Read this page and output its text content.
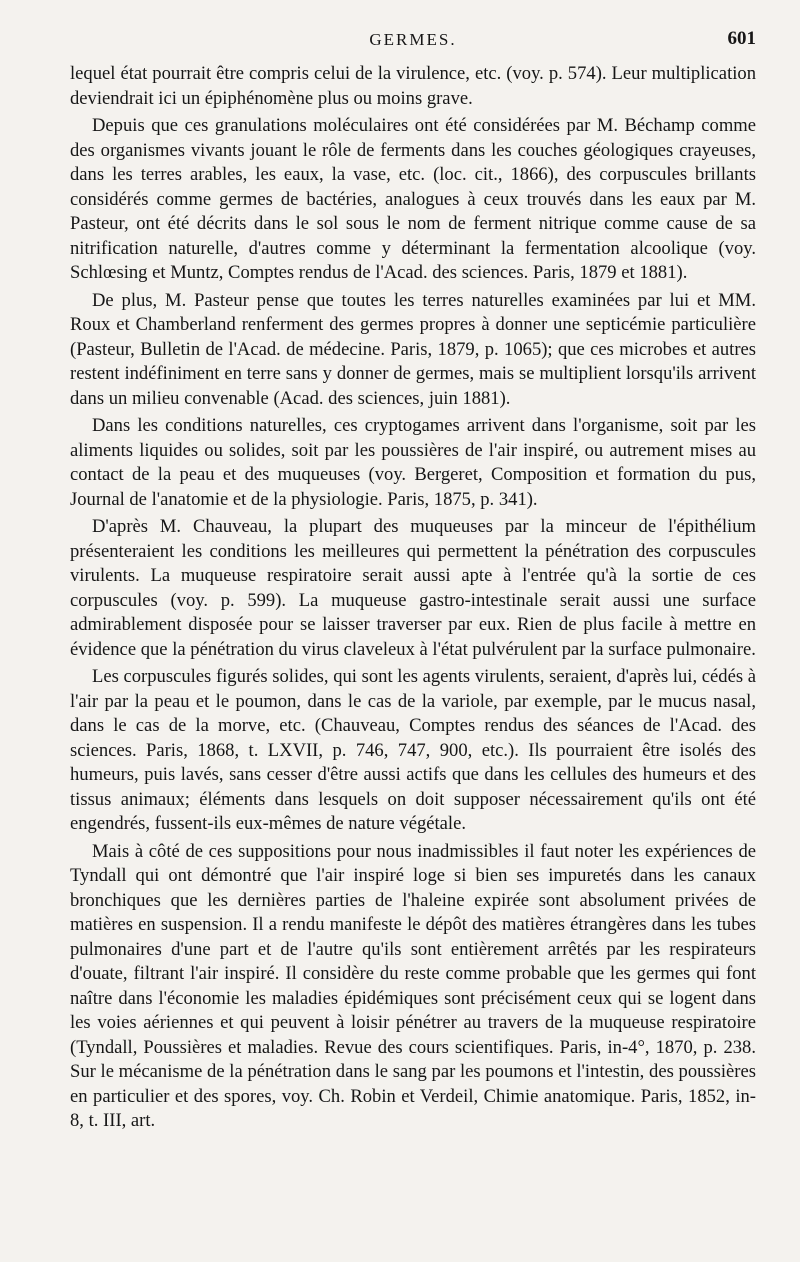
GERMES.	601

lequel état pourrait être compris celui de la virulence, etc. (voy. p. 574). Leur multiplication deviendrait ici un épiphénomène plus ou moins grave.

Depuis que ces granulations moléculaires ont été considérées par M. Béchamp comme des organismes vivants jouant le rôle de ferments dans les couches géologiques crayeuses, dans les terres arables, les eaux, la vase, etc. (loc. cit., 1866), des corpuscules brillants considérés comme germes de bactéries, analogues à ceux trouvés dans les eaux par M. Pasteur, ont été décrits dans le sol sous le nom de ferment nitrique comme cause de sa nitrification naturelle, d'autres comme y déterminant la fermentation alcoolique (voy. Schlœsing et Muntz, Comptes rendus de l'Acad. des sciences. Paris, 1879 et 1881).

De plus, M. Pasteur pense que toutes les terres naturelles examinées par lui et MM. Roux et Chamberland renferment des germes propres à donner une septicémie particulière (Pasteur, Bulletin de l'Acad. de médecine. Paris, 1879, p. 1065); que ces microbes et autres restent indéfiniment en terre sans y donner de germes, mais se multiplient lorsqu'ils arrivent dans un milieu convenable (Acad. des sciences, juin 1881).

Dans les conditions naturelles, ces cryptogames arrivent dans l'organisme, soit par les aliments liquides ou solides, soit par les poussières de l'air inspiré, ou autrement mises au contact de la peau et des muqueuses (voy. Bergeret, Composition et formation du pus, Journal de l'anatomie et de la physiologie. Paris, 1875, p. 341).

D'après M. Chauveau, la plupart des muqueuses par la minceur de l'épithélium présenteraient les conditions les meilleures qui permettent la pénétration des corpuscules virulents. La muqueuse respiratoire serait aussi apte à l'entrée qu'à la sortie de ces corpuscules (voy. p. 599). La muqueuse gastro-intestinale serait aussi une surface admirablement disposée pour se laisser traverser par eux. Rien de plus facile à mettre en évidence que la pénétration du virus claveleux à l'état pulvérulent par la surface pulmonaire.

Les corpuscules figurés solides, qui sont les agents virulents, seraient, d'après lui, cédés à l'air par la peau et le poumon, dans le cas de la variole, par exemple, par le mucus nasal, dans le cas de la morve, etc. (Chauveau, Comptes rendus des séances de l'Acad. des sciences. Paris, 1868, t. LXVII, p. 746, 747, 900, etc.). Ils pourraient être isolés des humeurs, puis lavés, sans cesser d'être aussi actifs que dans les cellules des humeurs et des tissus animaux; éléments dans lesquels on doit supposer nécessairement qu'ils ont été engendrés, fussent-ils eux-mêmes de nature végétale.

Mais à côté de ces suppositions pour nous inadmissibles il faut noter les expériences de Tyndall qui ont démontré que l'air inspiré loge si bien ses impuretés dans les canaux bronchiques que les dernières parties de l'haleine expirée sont absolument privées de matières en suspension. Il a rendu manifeste le dépôt des matières étrangères dans les tubes pulmonaires d'une part et de l'autre qu'ils sont entièrement arrêtés par les respirateurs d'ouate, filtrant l'air inspiré. Il considère du reste comme probable que les germes qui font naître dans l'économie les maladies épidémiques sont précisément ceux qui se logent dans les voies aériennes et qui peuvent à loisir pénétrer au travers de la muqueuse respiratoire (Tyndall, Poussières et maladies. Revue des cours scientifiques. Paris, in-4°, 1870, p. 238. Sur le mécanisme de la pénétration dans le sang par les poumons et l'intestin, des poussières en particulier et des spores, voy. Ch. Robin et Verdeil, Chimie anatomique. Paris, 1852, in-8, t. III, art.
